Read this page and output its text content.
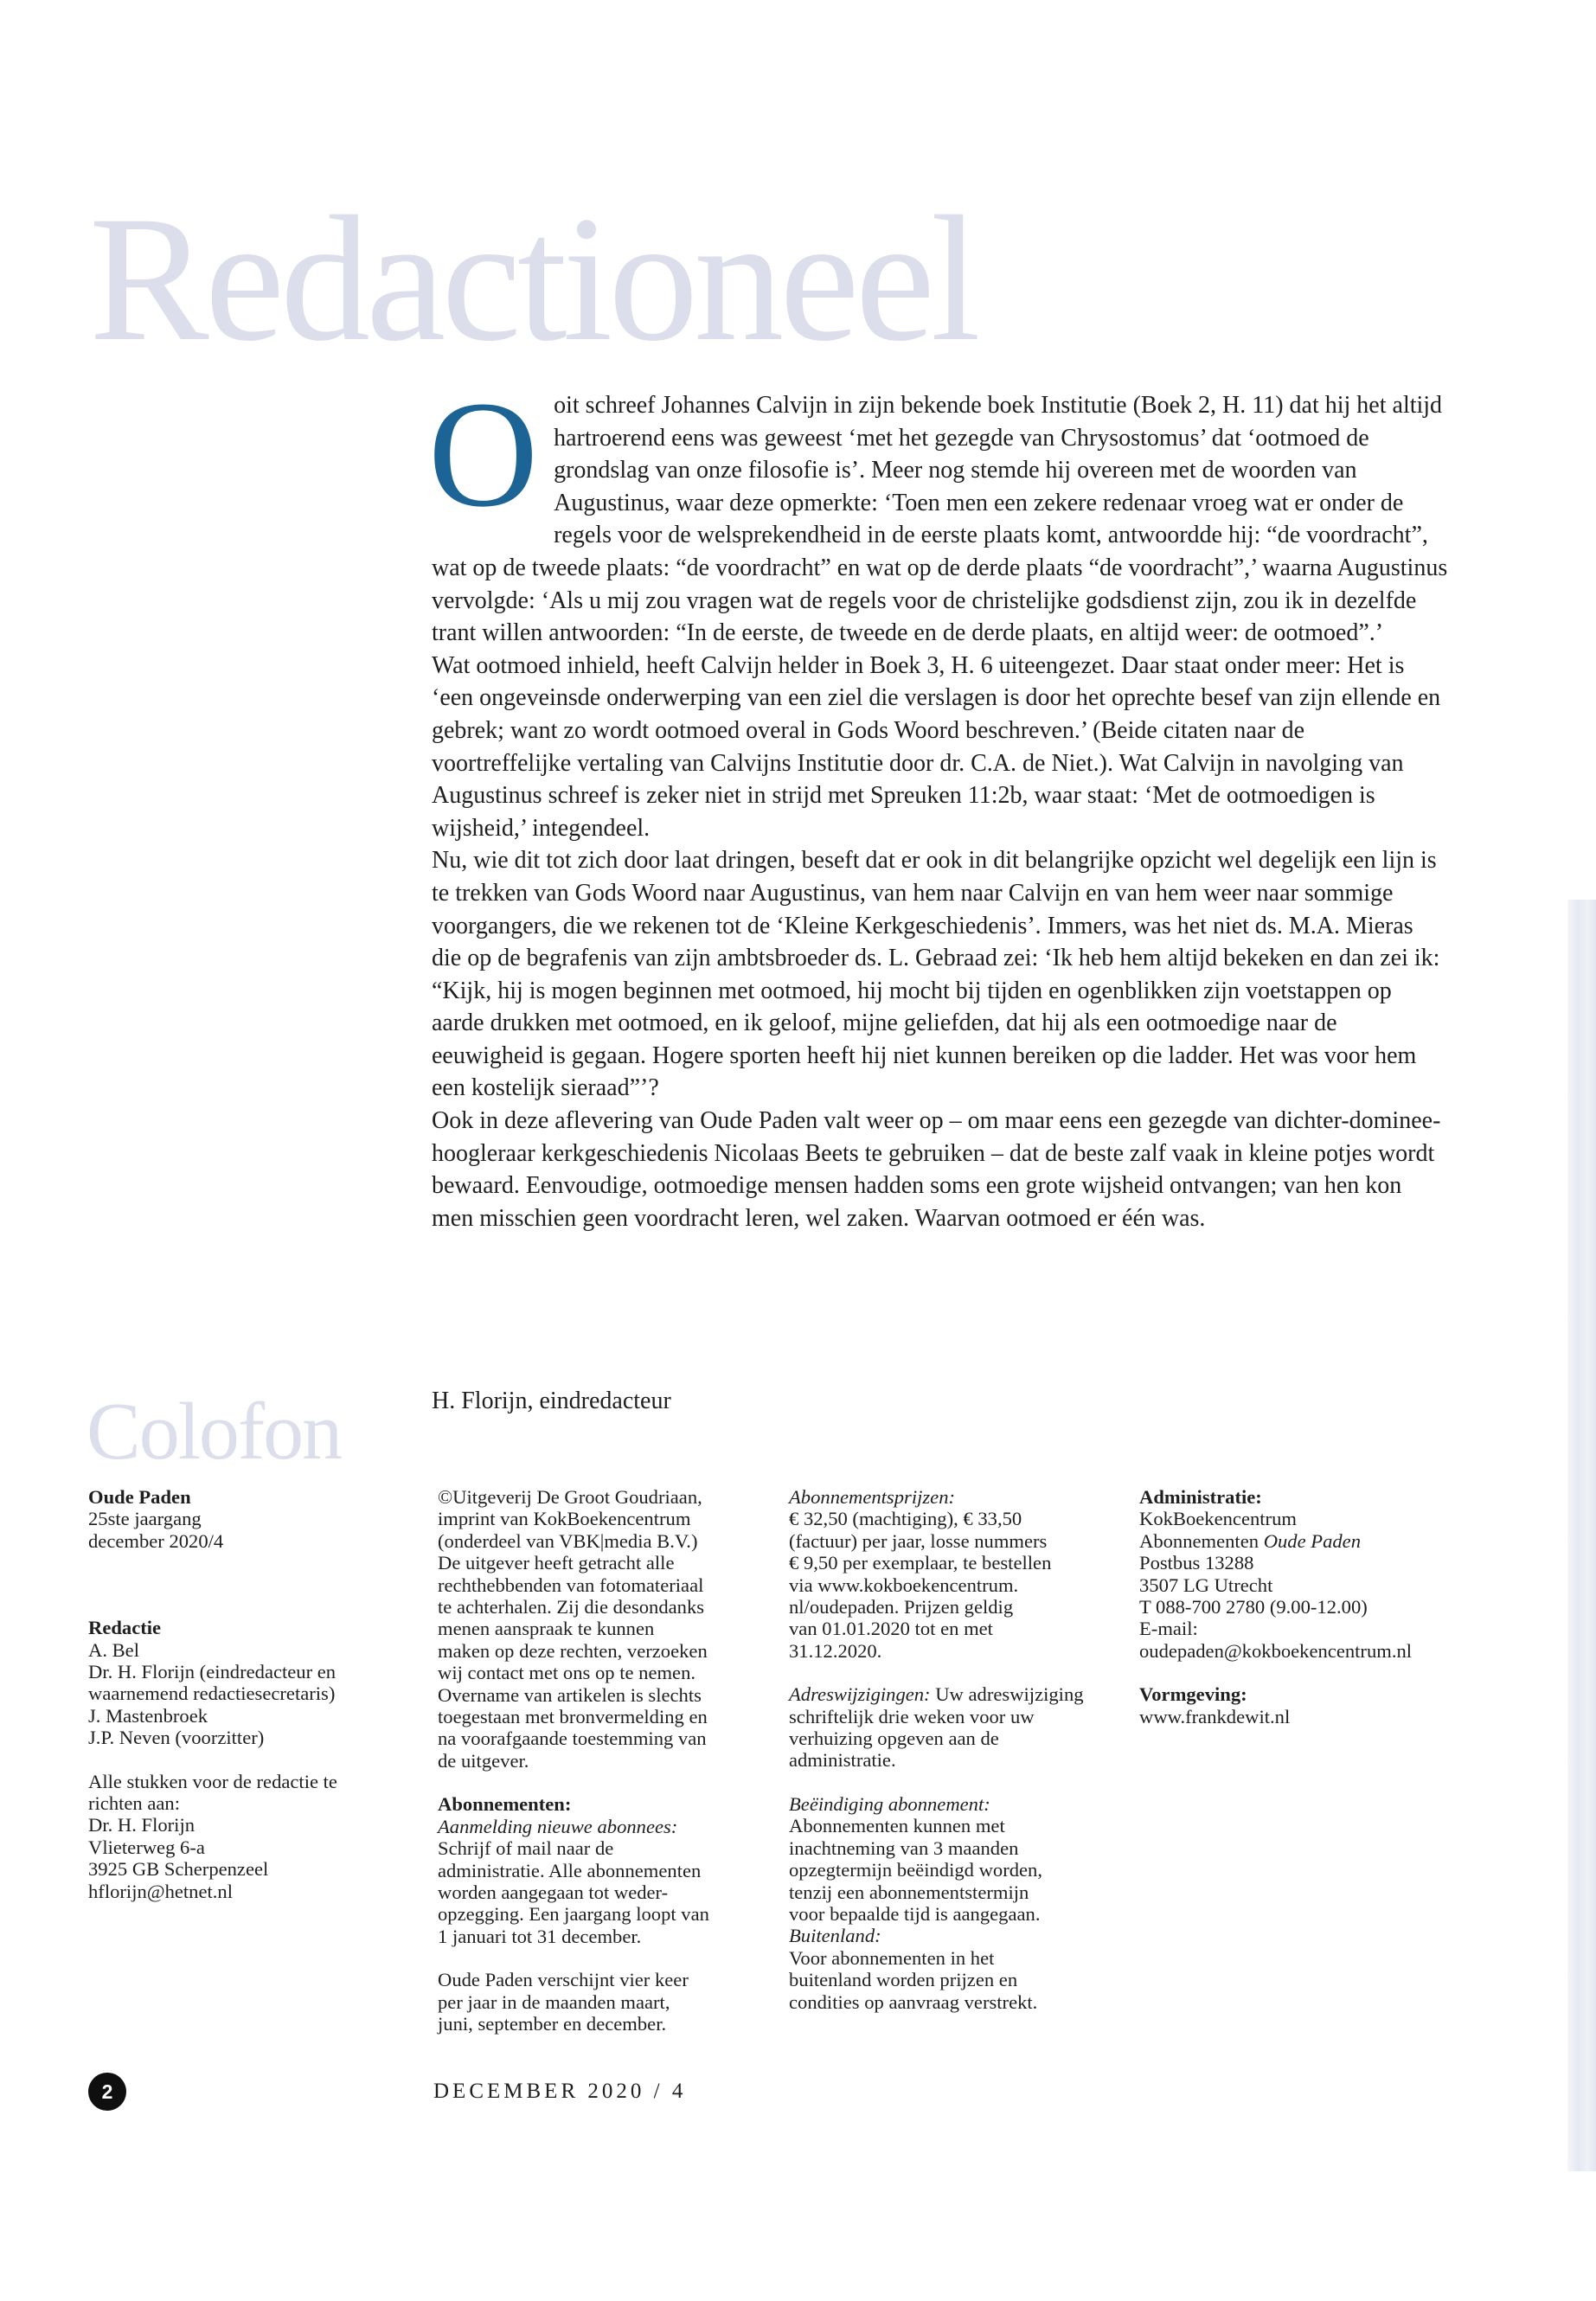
Redactioneel

Ooit schreef Johannes Calvijn in zijn bekende boek Institutie (Boek 2, H. 11) dat hij het altijd hartroerend eens was geweest ‘met het gezegde van Chrysostomus’ dat ‘ootmoed de grondslag van onze filosofie is’. Meer nog stemde hij overeen met de woorden van Augustinus, waar deze opmerkte: ‘Toen men een zekere redenaar vroeg wat er onder de regels voor de welsprekendheid in de eerste plaats komt, antwoordde hij: “de voordracht”, wat op de tweede plaats: “de voordracht” en wat op de derde plaats “de voordracht”,’ waarna Augustinus vervolgde: ‘Als u mij zou vragen wat de regels voor de christelijke godsdienst zijn, zou ik in dezelfde trant willen antwoorden: “In de eerste, de tweede en de derde plaats, en altijd weer: de ootmoed”.’

Wat ootmoed inhield, heeft Calvijn helder in Boek 3, H. 6 uiteengezet. Daar staat onder meer: Het is ‘een ongeveinsde onderwerping van een ziel die verslagen is door het oprechte besef van zijn ellende en gebrek; want zo wordt ootmoed overal in Gods Woord beschreven.’ (Beide citaten naar de voortreffelijke vertaling van Calvijns Institutie door dr. C.A. de Niet.). Wat Calvijn in navolging van Augustinus schreef is zeker niet in strijd met Spreuken 11:2b, waar staat: ‘Met de ootmoedigen is wijsheid,’ integendeel.

Nu, wie dit tot zich door laat dringen, beseft dat er ook in dit belangrijke opzicht wel degelijk een lijn is te trekken van Gods Woord naar Augustinus, van hem naar Calvijn en van hem weer naar sommige voorgangers, die we rekenen tot de ‘Kleine Kerkgeschiedenis’. Immers, was het niet ds. M.A. Mieras die op de begrafenis van zijn ambtsbroeder ds. L. Gebraad zei: ‘Ik heb hem altijd bekeken en dan zei ik: “Kijk, hij is mogen beginnen met ootmoed, hij mocht bij tijden en ogenblikken zijn voetstappen op aarde drukken met ootmoed, en ik geloof, mijne geliefden, dat hij als een ootmoedige naar de eeuwigheid is gegaan. Hogere sporten heeft hij niet kunnen bereiken op die ladder. Het was voor hem een kostelijk sieraad”’?

Ook in deze aflevering van Oude Paden valt weer op – om maar eens een gezegde van dichter-dominee-hoogleraar kerkgeschiedenis Nicolaas Beets te gebruiken – dat de beste zalf vaak in kleine potjes wordt bewaard. Eenvoudige, ootmoedige mensen hadden soms een grote wijsheid ontvangen; van hen kon men misschien geen voordracht leren, wel zaken. Waarvan ootmoed er één was.

H. Florijn, eindredacteur
Colofon
Oude Paden
25ste jaargang
december 2020/4
Redactie
A. Bel
Dr. H. Florijn (eindredacteur en
waarnemend redactiesecretaris)
J. Mastenbroek
J.P. Neven (voorzitter)
Alle stukken voor de redactie te
richten aan:
Dr. H. Florijn
Vlieterweg 6-a
3925 GB Scherpenzeel
hflorijn@hetnet.nl
©Uitgeverij De Groot Goudriaan,
imprint van KokBoekencentrum
(onderdeel van VBK|media B.V.)
De uitgever heeft getracht alle
rechthebbenden van fotomateriaal
te achterhalen. Zij die desondanks
menen aanspraak te kunnen
maken op deze rechten, verzoeken
wij contact met ons op te nemen.
Overname van artikelen is slechts
toegestaan met bronvermelding en
na voorafgaande toestemming van
de uitgever.
Abonnementen:
Aanmelding nieuwe abonnees:
Schrijf of mail naar de
administratie. Alle abonnementen
worden aangegaan tot weder-
opzegging. Een jaargang loopt van
1 januari tot 31 december.
Oude Paden verschijnt vier keer
per jaar in de maanden maart,
juni, september en december.
Abonnementsprijzen:
€ 32,50 (machtiging), € 33,50
(factuur) per jaar, losse nummers
€ 9,50 per exemplaar, te bestellen
via www.kokboekencentrum.
nl/oudepaden. Prijzen geldig
van 01.01.2020 tot en met
31.12.2020.
Adreswijzigingen: Uw adreswijziging
schriftelijk drie weken voor uw
verhuizing opgeven aan de
administratie.
Beëindiging abonnement:
Abonnementen kunnen met
inachtneming van 3 maanden
opzegtermijn beëindigd worden,
tenzij een abonnementstermijn
voor bepaalde tijd is aangegaan.
Buitenland:
Voor abonnementen in het
buitenland worden prijzen en
condities op aanvraag verstrekt.
Administratie:
KokBoekencentrum
Abonnementen Oude Paden
Postbus 13288
3507 LG Utrecht
T 088-700 2780 (9.00-12.00)
E-mail:
oudepaden@kokboekencentrum.nl
Vormgeving:
www.frankdewit.nl
2	DECEMBER 2020 / 4
